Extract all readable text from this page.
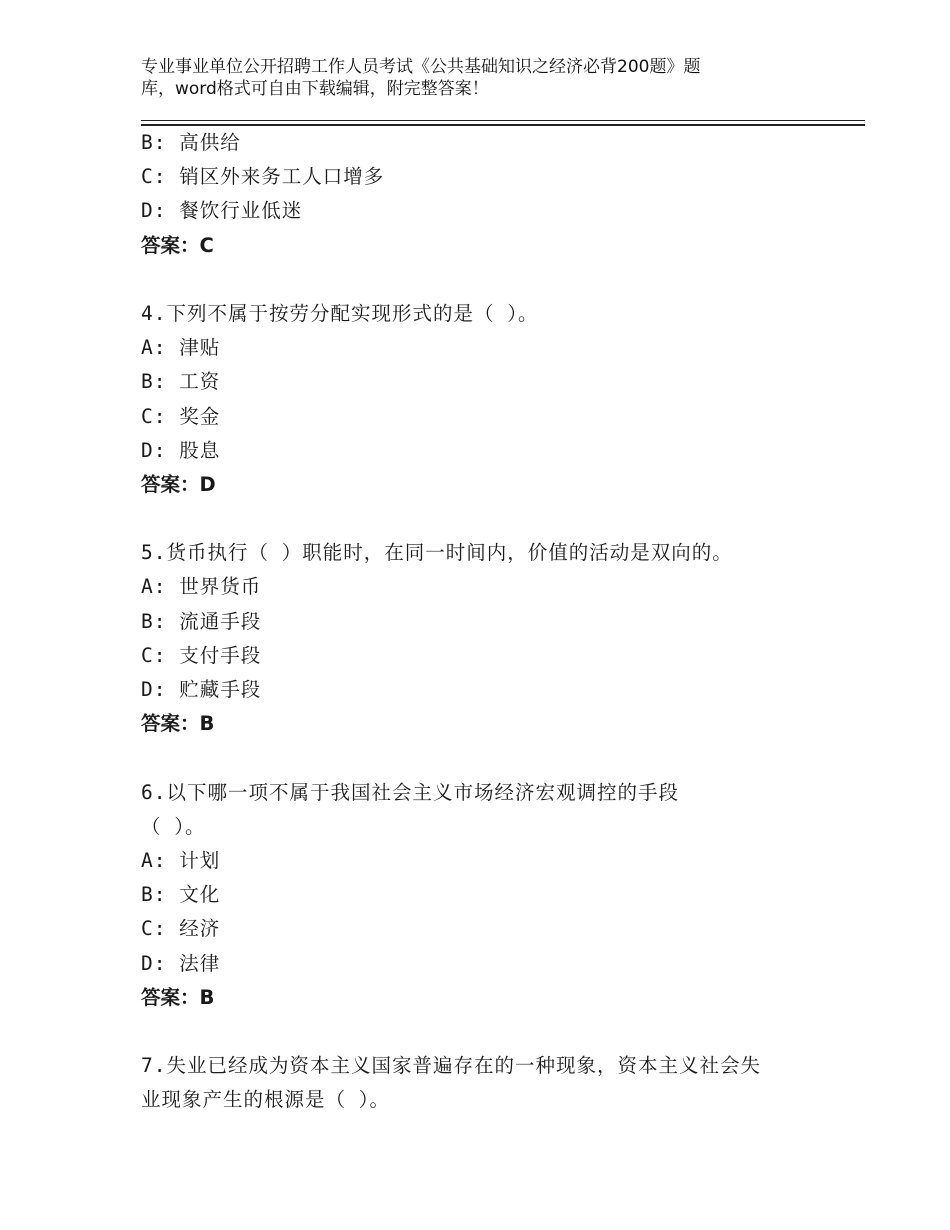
专业事业单位公开招聘工作人员考试《公共基础知识之经济必背200题》题
库，word格式可自由下载编辑，附完整答案！
B: 高供给
C: 销区外来务工人口增多
D: 餐饮行业低迷
答案：C
4.下列不属于按劳分配实现形式的是（ ）。
A: 津贴
B: 工资
C: 奖金
D: 股息
答案：D
5.货币执行（ ）职能时，在同一时间内，价值的活动是双向的。
A: 世界货币
B: 流通手段
C: 支付手段
D: 贮藏手段
答案：B
6.以下哪一项不属于我国社会主义市场经济宏观调控的手段
（ ）。
A: 计划
B: 文化
C: 经济
D: 法律
答案：B
7.失业已经成为资本主义国家普遍存在的一种现象，资本主义社会失
业现象产生的根源是（ ）。
